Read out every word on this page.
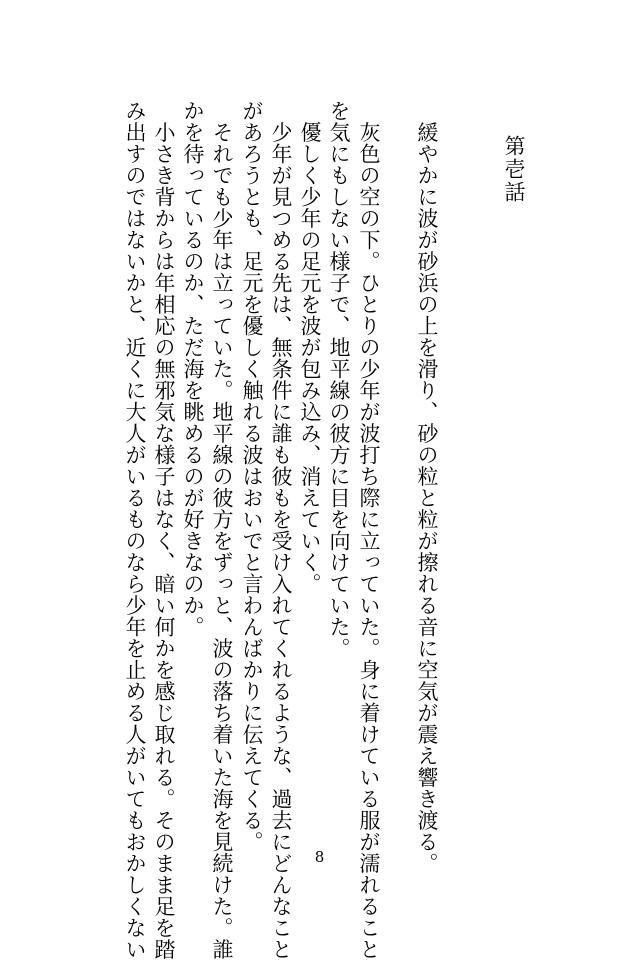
第壱話
　緩やかに波が砂浜の上を滑り、砂の粒と粒が擦れる音に空気が震え響き渡る。
　灰色の空の下。ひとりの少年が波打ち際に立っていた。身に着けている服が濡れること
を気にもしない様子で、地平線の彼方に目を向けていた。
　優しく少年の足元を波が包み込み、消えていく。
　少年が見つめる先は、無条件に誰も彼もを受け入れてくれるような、過去にどんなこと
があろうとも、足元を優しく触れる波はおいでと言わんばかりに伝えてくる。
　それでも少年は立っていた。地平線の彼方をずっと、波の落ち着いた海を見続けた。誰
かを待っているのか、ただ海を眺めるのが好きなのか。
　小さき背からは年相応の無邪気な様子はなく、暗い何かを感じ取れる。そのまま足を踏
み出すのではないかと、近くに大人がいるものなら少年を止める人がいてもおかしくない	8
